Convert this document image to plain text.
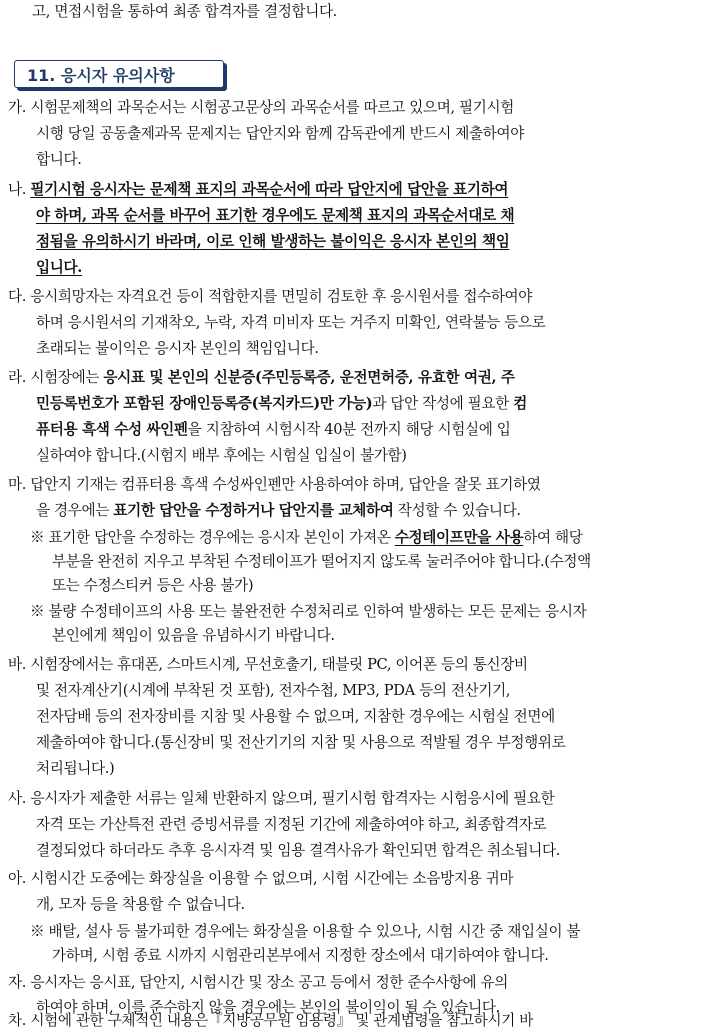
고, 면접시험을 통하여 최종 합격자를 결정합니다.
11. 응시자 유의사항
가. 시험문제책의 과목순서는 시험공고문상의 과목순서를 따르고 있으며, 필기시험
시행 당일 공동출제과목 문제지는 답안지와 함께 감독관에게 반드시 제출하여야
합니다.
나. 필기시험 응시자는 문제책 표지의 과목순서에 따라 답안지에 답안을 표기하여
야 하며, 과목 순서를 바꾸어 표기한 경우에도 문제책 표지의 과목순서대로 채
점됨을 유의하시기 바라며, 이로 인해 발생하는 불이익은 응시자 본인의 책임
입니다.
다. 응시희망자는 자격요건 등이 적합한지를 면밀히 검토한 후 응시원서를 접수하여야
하며 응시원서의 기재착오, 누락, 자격 미비자 또는 거주지 미확인, 연락불능 등으로
초래되는 불이익은 응시자 본인의 책임입니다.
라. 시험장에는 응시표 및 본인의 신분증(주민등록증, 운전면허증, 유효한 여권, 주
민등록번호가 포함된 장애인등록증(복지카드)만 가능)과 답안 작성에 필요한 컴
퓨터용 흑색 수성 싸인펜을 지참하여 시험시작 40분 전까지 해당 시험실에 입
실하여야 합니다.(시험지 배부 후에는 시험실 입실이 불가함)
마. 답안지 기재는 컴퓨터용 흑색 수성싸인펜만 사용하여야 하며, 답안을 잘못 표기하였
을 경우에는 표기한 답안을 수정하거나 답안지를 교체하여 작성할 수 있습니다.
※ 표기한 답안을 수정하는 경우에는 응시자 본인이 가져온 수정테이프만을 사용하여 해당
부분을 완전히 지우고 부착된 수정테이프가 떨어지지 않도록 눌러주어야 합니다.(수정액
또는 수정스티커 등은 사용 불가)
※ 불량 수정테이프의 사용 또는 불완전한 수정처리로 인하여 발생하는 모든 문제는 응시자
본인에게 책임이 있음을 유념하시기 바랍니다.
바. 시험장에서는 휴대폰, 스마트시계, 무선호출기, 태블릿 PC, 이어폰 등의 통신장비
및 전자계산기(시계에 부착된 것 포함), 전자수첩, MP3, PDA 등의 전산기기,
전자담배 등의 전자장비를 지참 및 사용할 수 없으며, 지참한 경우에는 시험실 전면에
제출하여야 합니다.(통신장비 및 전산기기의 지참 및 사용으로 적발될 경우 부정행위로
처리됩니다.)
사. 응시자가 제출한 서류는 일체 반환하지 않으며, 필기시험 합격자는 시험응시에 필요한
자격 또는 가산특전 관련 증빙서류를 지정된 기간에 제출하여야 하고, 최종합격자로
결정되었다 하더라도 추후 응시자격 및 임용 결격사유가 확인되면 합격은 취소됩니다.
아. 시험시간 도중에는 화장실을 이용할 수 없으며, 시험 시간에는 소음방지용 귀마
개, 모자 등을 착용할 수 없습니다.
※ 배탈, 설사 등 불가피한 경우에는 화장실을 이용할 수 있으나, 시험 시간 중 재입실이 불
가하며, 시험 종료 시까지 시험관리본부에서 지정한 장소에서 대기하여야 합니다.
자. 응시자는 응시표, 답안지, 시험시간 및 장소 공고 등에서 정한 준수사항에 유의
하여야 하며, 이를 준수하지 않을 경우에는 본인의 불이익이 될 수 있습니다.
차. 시험에 관한 구체적인 내용은『지방공무원 임용령』 및 관계법령을 참고하시기 바
